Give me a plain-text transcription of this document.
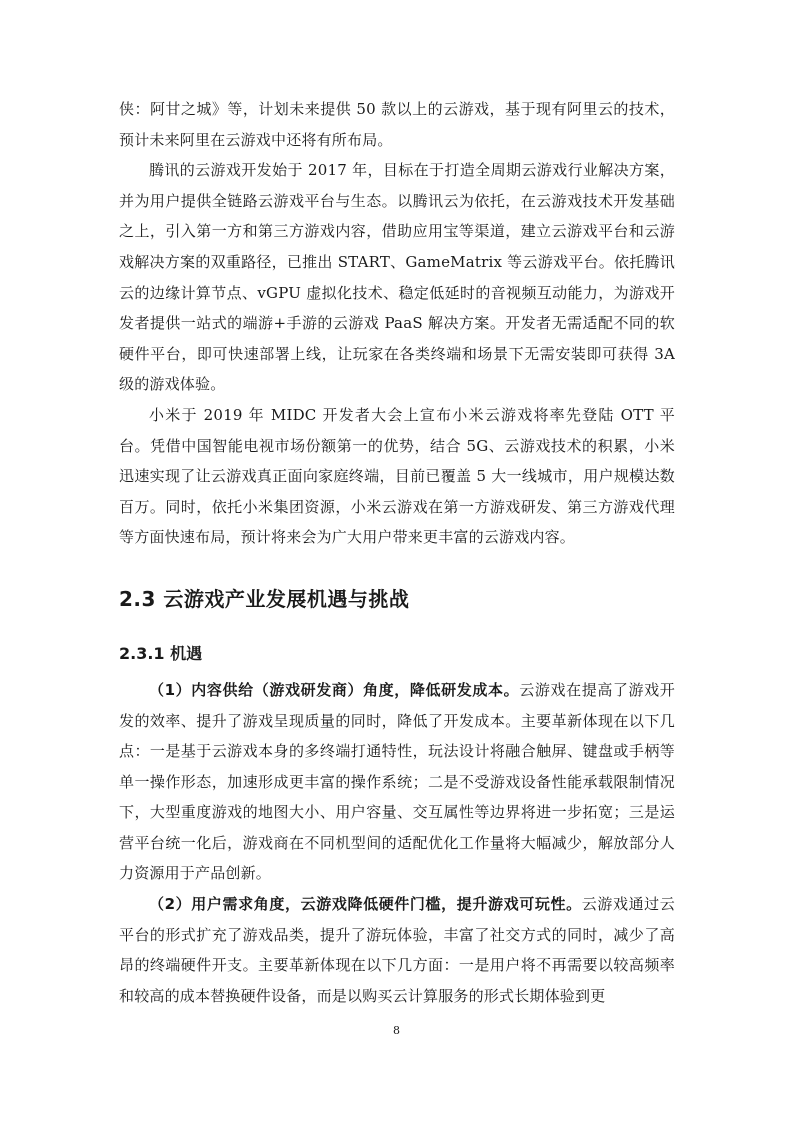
侠：阿甘之城》等，计划未来提供 50 款以上的云游戏，基于现有阿里云的技术，预计未来阿里在云游戏中还将有所布局。

腾讯的云游戏开发始于 2017 年，目标在于打造全周期云游戏行业解决方案，并为用户提供全链路云游戏平台与生态。以腾讯云为依托，在云游戏技术开发基础之上，引入第一方和第三方游戏内容，借助应用宝等渠道，建立云游戏平台和云游戏解决方案的双重路径，已推出 START、GameMatrix 等云游戏平台。依托腾讯云的边缘计算节点、vGPU 虚拟化技术、稳定低延时的音视频互动能力，为游戏开发者提供一站式的端游+手游的云游戏 PaaS 解决方案。开发者无需适配不同的软硬件平台，即可快速部署上线，让玩家在各类终端和场景下无需安装即可获得 3A 级的游戏体验。

小米于 2019 年 MIDC 开发者大会上宣布小米云游戏将率先登陆 OTT 平台。凭借中国智能电视市场份额第一的优势，结合 5G、云游戏技术的积累，小米迅速实现了让云游戏真正面向家庭终端，目前已覆盖 5 大一线城市，用户规模达数百万。同时，依托小米集团资源，小米云游戏在第一方游戏研发、第三方游戏代理等方面快速布局，预计将来会为广大用户带来更丰富的云游戏内容。

2.3 云游戏产业发展机遇与挑战
2.3.1 机遇

（1）内容供给（游戏研发商）角度，降低研发成本。云游戏在提高了游戏开发的效率、提升了游戏呈现质量的同时，降低了开发成本。主要革新体现在以下几点：一是基于云游戏本身的多终端打通特性，玩法设计将融合触屏、键盘或手柄等单一操作形态，加速形成更丰富的操作系统；二是不受游戏设备性能承载限制情况下，大型重度游戏的地图大小、用户容量、交互属性等边界将进一步拓宽；三是运营平台统一化后，游戏商在不同机型间的适配优化工作量将大幅减少，解放部分人力资源用于产品创新。

（2）用户需求角度，云游戏降低硬件门槛，提升游戏可玩性。云游戏通过云平台的形式扩充了游戏品类，提升了游玩体验，丰富了社交方式的同时，减少了高昂的终端硬件开支。主要革新体现在以下几方面：一是用户将不再需要以较高频率和较高的成本替换硬件设备，而是以购买云计算服务的形式长期体验到更

8
